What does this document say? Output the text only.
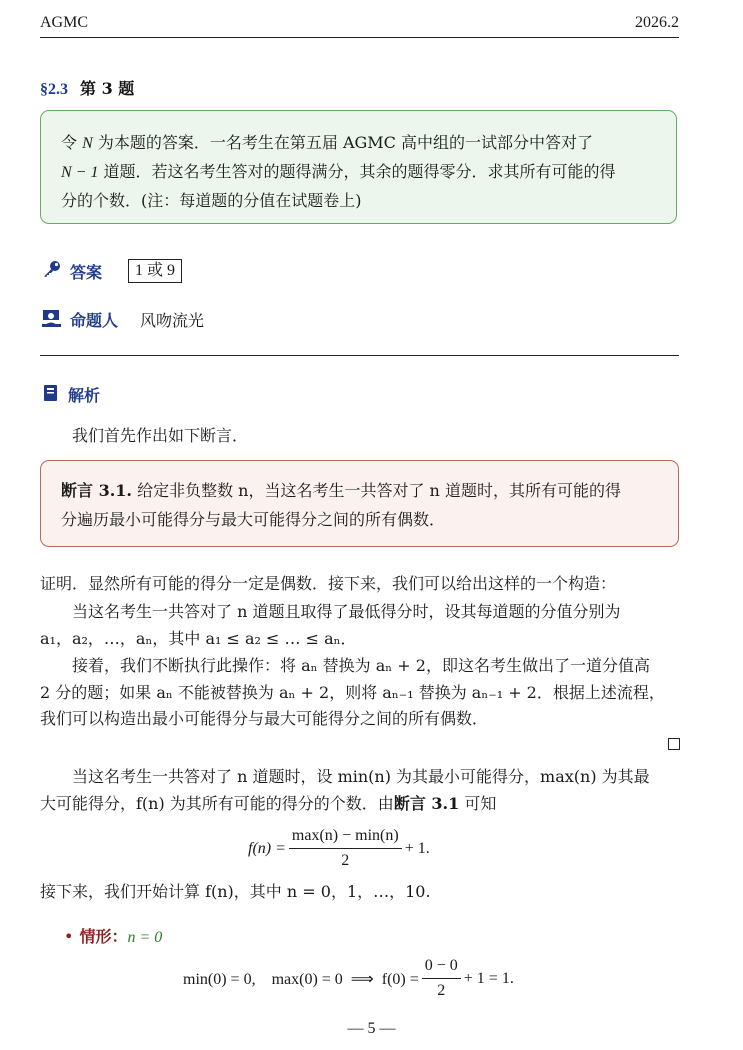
AGMC	2026.2
§2.3 第 3 题
令 N 为本题的答案．一名考生在第五届 AGMC 高中组的一试部分中答对了
N − 1 道题．若这名考生答对的题得满分，其余的题得零分．求其所有可能的得
分的个数．(注：每道题的分值在试题卷上)
答案	1 或 9
命题人 风吻流光
解析
我们首先作出如下断言．
断言 3.1. 给定非负整数 n，当这名考生一共答对了 n 道题时，其所有可能的得
分遍历最小可能得分与最大可能得分之间的所有偶数．
证明．显然所有可能的得分一定是偶数．接下来，我们可以给出这样的一个构造：
当这名考生一共答对了 n 道题且取得了最低得分时，设其每道题的分值分别为
a₁，a₂，…，aₙ，其中 a₁ ≤ a₂ ≤ … ≤ aₙ．
接着，我们不断执行此操作：将 aₙ 替换为 aₙ + 2，即这名考生做出了一道分值高
2 分的题；如果 aₙ 不能被替换为 aₙ + 2，则将 aₙ₋₁ 替换为 aₙ₋₁ + 2．根据上述流程，
我们可以构造出最小可能得分与最大可能得分之间的所有偶数．
当这名考生一共答对了 n 道题时，设 min(n) 为其最小可能得分，max(n) 为其最
大可能得分，f(n) 为其所有可能的得分的个数．由断言 3.1 可知
$f(n) = \frac{\max(n) - \min(n)}{2} + 1$.
接下来，我们开始计算 f(n)，其中 n = 0，1，…，10.
• 情形：n = 0
min(0) = 0,    max(0) = 0  ⟹  $f(0) = \frac{0 - 0}{2} + 1 = 1$.
— 5 —
